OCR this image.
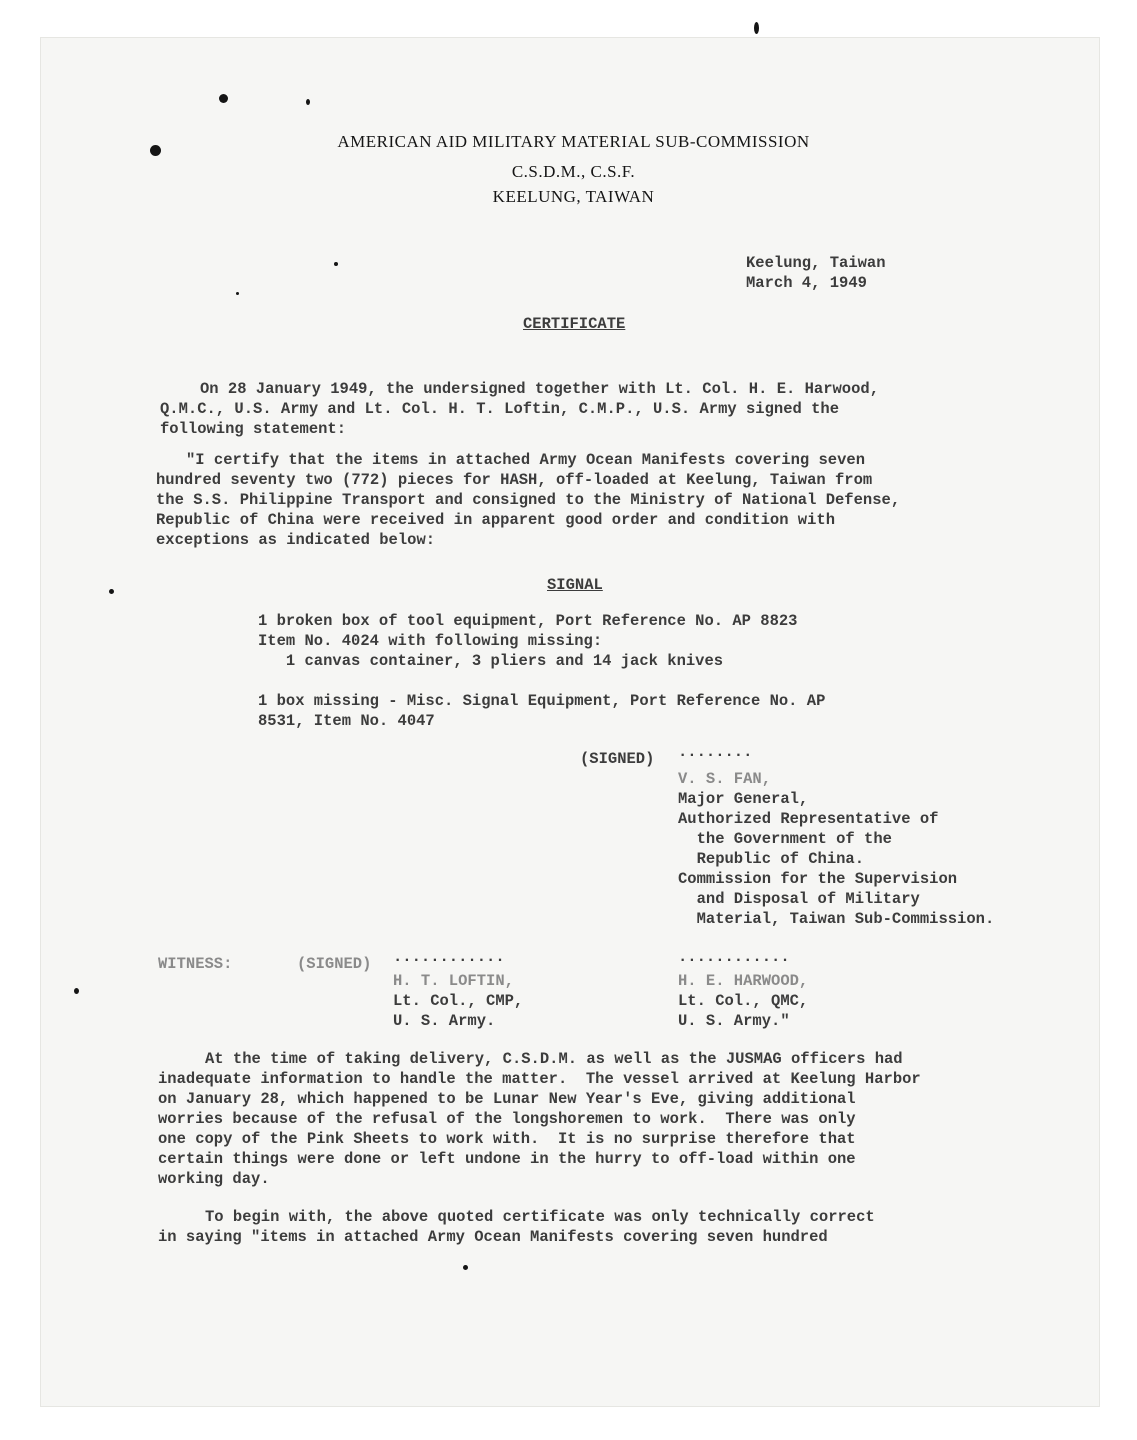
AMERICAN AID MILITARY MATERIAL SUB-COMMISSION
C.S.D.M., C.S.F.
KEELUNG, TAIWAN
Keelung, Taiwan
March 4, 1949
CERTIFICATE
On 28 January 1949, the undersigned together with Lt. Col. H. E. Harwood,
Q.M.C., U.S. Army and Lt. Col. H. T. Loftin, C.M.P., U.S. Army signed the
following statement:
"I certify that the items in attached Army Ocean Manifests covering seven
hundred seventy two (772) pieces for HASH, off-loaded at Keelung, Taiwan from
the S.S. Philippine Transport and consigned to the Ministry of National Defense,
Republic of China were received in apparent good order and condition with
exceptions as indicated below:
SIGNAL
1 broken box of tool equipment, Port Reference No. AP 8823
Item No. 4024 with following missing:
1 canvas container, 3 pliers and 14 jack knives
1 box missing - Misc. Signal Equipment, Port Reference No. AP
8531, Item No. 4047
(SIGNED) ........
V. S. FAN,
Major General,
Authorized Representative of
the Government of the
Republic of China.
Commission for the Supervision
and Disposal of Military
Material, Taiwan Sub-Commission.
WITNESS:	(SIGNED) ............
H. T. LOFTIN,
Lt. Col., CMP,
U. S. Army.
............
H. E. HARWOOD,
Lt. Col., QMC,
U. S. Army."
At the time of taking delivery, C.S.D.M. as well as the JUSMAG officers had
inadequate information to handle the matter.  The vessel arrived at Keelung Harbor
on January 28, which happened to be Lunar New Year's Eve, giving additional
worries because of the refusal of the longshoremen to work.  There was only
one copy of the Pink Sheets to work with.  It is no surprise therefore that
certain things were done or left undone in the hurry to off-load within one
working day.
To begin with, the above quoted certificate was only technically correct
in saying "items in attached Army Ocean Manifests covering seven hundred
